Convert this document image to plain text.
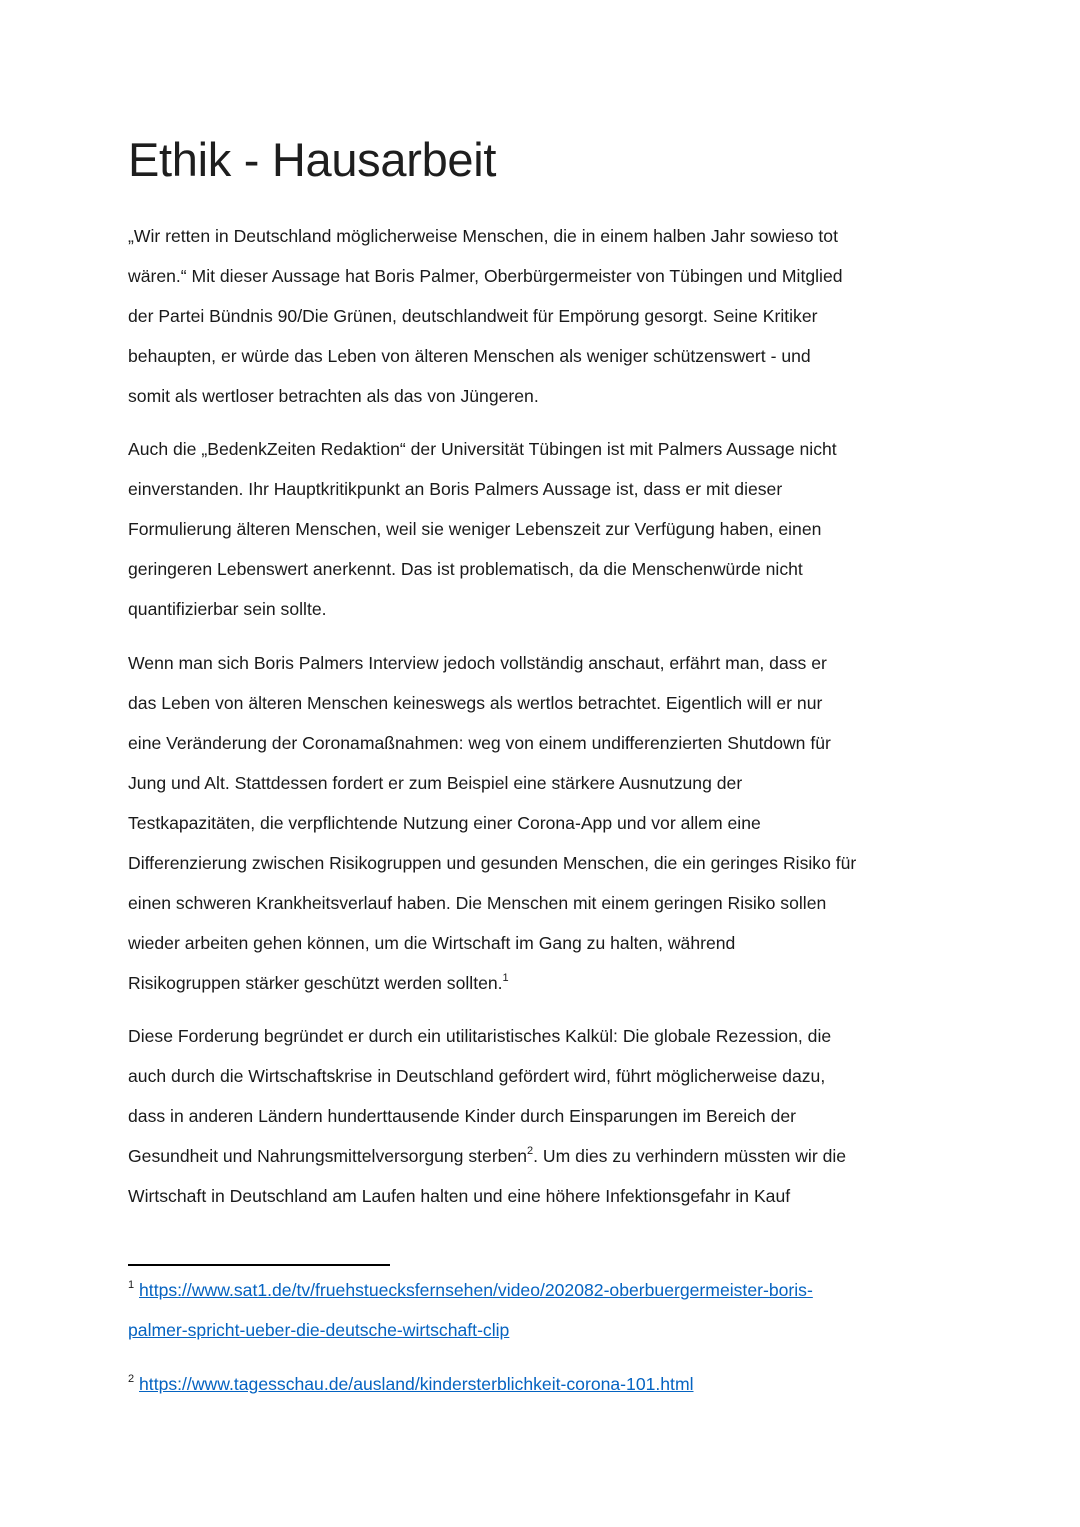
Ethik - Hausarbeit
„Wir retten in Deutschland möglicherweise Menschen, die in einem halben Jahr sowieso tot
wären.“ Mit dieser Aussage hat Boris Palmer, Oberbürgermeister von Tübingen und Mitglied
der Partei Bündnis 90/Die Grünen, deutschlandweit für Empörung gesorgt. Seine Kritiker
behaupten, er würde das Leben von älteren Menschen als weniger schützenswert - und
somit als wertloser betrachten als das von Jüngeren.
Auch die „BedenkZeiten Redaktion“ der Universität Tübingen ist mit Palmers Aussage nicht
einverstanden. Ihr Hauptkritikpunkt an Boris Palmers Aussage ist, dass er mit dieser
Formulierung älteren Menschen, weil sie weniger Lebenszeit zur Verfügung haben, einen
geringeren Lebenswert anerkennt. Das ist problematisch, da die Menschenwürde nicht
quantifizierbar sein sollte.
Wenn man sich Boris Palmers Interview jedoch vollständig anschaut, erfährt man, dass er
das Leben von älteren Menschen keineswegs als wertlos betrachtet. Eigentlich will er nur
eine Veränderung der Coronamaßnahmen: weg von einem undifferenzierten Shutdown für
Jung und Alt. Stattdessen fordert er zum Beispiel eine stärkere Ausnutzung der
Testkapazitäten, die verpflichtende Nutzung einer Corona-App und vor allem eine
Differenzierung zwischen Risikogruppen und gesunden Menschen, die ein geringes Risiko für
einen schweren Krankheitsverlauf haben. Die Menschen mit einem geringen Risiko sollen
wieder arbeiten gehen können, um die Wirtschaft im Gang zu halten, während
Risikogruppen stärker geschützt werden sollten.$^1$
Diese Forderung begründet er durch ein utilitaristisches Kalkül: Die globale Rezession, die
auch durch die Wirtschaftskrise in Deutschland gefördert wird, führt möglicherweise dazu,
dass in anderen Ländern hunderttausende Kinder durch Einsparungen im Bereich der
Gesundheit und Nahrungsmittelversorgung sterben$^2$. Um dies zu verhindern müssten wir die
Wirtschaft in Deutschland am Laufen halten und eine höhere Infektionsgefahr in Kauf
$^1$ https://www.sat1.de/tv/fruehstuecksfernsehen/video/202082-oberbuergermeister-boris-
palmer-spricht-ueber-die-deutsche-wirtschaft-clip
$^2$ https://www.tagesschau.de/ausland/kindersterblichkeit-corona-101.html
